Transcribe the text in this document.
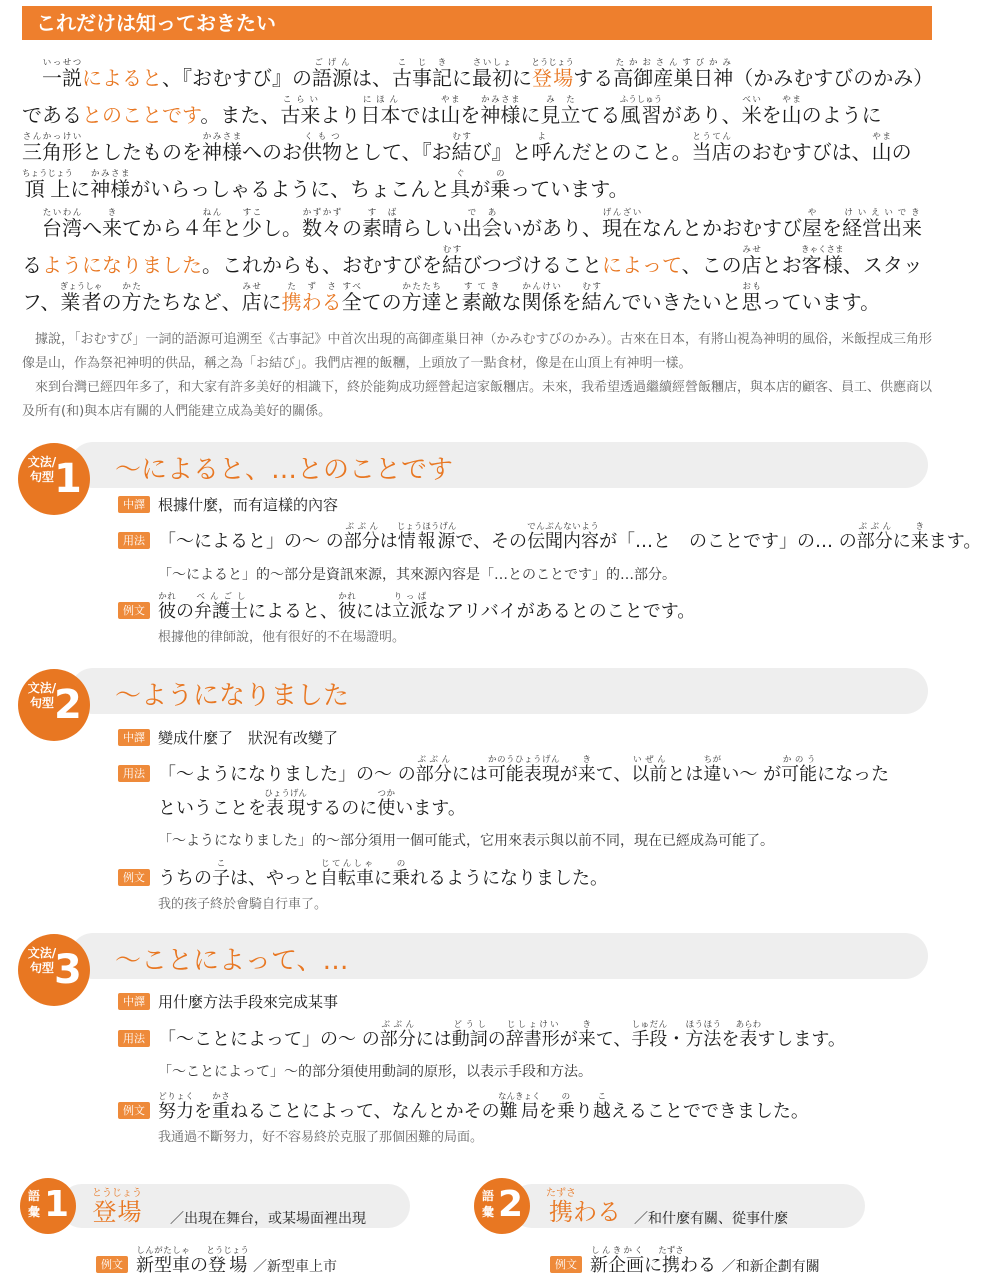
これだけは知っておきたい

一説いっせつによると、『おむすび』の語源ごげんは、古事記こじきに最初さいしょに登場とうじょうする高御産巣日神たかおさんすびかみ（かみむすびのかみ）であるとのことです。また、古来こらいより日本にほんでは山やまを神様かみさまに見立みたてる風習ふうしゅうがあり、米べいを山やまのように三角形さんかっけいとしたものを神様かみさまへのお供物くもつとして、『お結むすび』と呼よんだとのこと。当店とうてんのおむすびは、山やまの頂上ちょうじょうに神様かみさまがいらっしゃるように、ちょこんと具ぐが乗のっています。

台湾たいわんへ来きてから４年ねんと少すこし。数々かずかずの素晴すばらしい出会であいがあり、現在げんざいなんとかおむすび屋やを経営出来けいえいできるようになりました。これからも、おむすびを結むすびつづけることによって、この店みせとお客様きゃくさま、スタッフ、業者ぎょうしゃの方かたたちなど、店みせに携わるたずさ全すべての方達かたたちと素敵すてきな関係かんけいを結むすんでいきたいと思おもっています。

據說，「おむすび」一詞的語源可追溯至《古事記》中首次出現的高御產巢日神（かみむすびのかみ）。古來在日本，有將山視為神明的風俗，米飯捏成三角形像是山，作為祭祀神明的供品，稱之為「お結び」。我們店裡的飯糰，上頭放了一點食材，像是在山頂上有神明一樣。

來到台灣已經四年多了，和大家有許多美好的相識下，終於能夠成功經營起這家飯糰店。未來，我希望透過繼續經營飯糰店，與本店的顧客、員工、供應商以及所有(和)與本店有關的人們能建立成為美好的關係。

文法/句型 1 ～によると、…とのことです
中譯 根據什麼，而有這樣的內容
用法 「～によると」の～ の部分ぶぶんは情報源じょうほうげんで、その伝聞内容でんぶんないようが「…と　のことです」の… の部分ぶぶんに来きます。
「～によると」的～部分是資訊來源，其來源內容是「…とのことです」的…部分。
例文 彼かれの弁護士べんごしによると、彼かれには立派りっぱなアリバイがあるとのことです。
根據他的律師說，他有很好的不在場證明。
文法/句型 2 ～ようになりました
中譯 變成什麼了　狀況有改變了
用法 「～ようになりました」の～ の部分ぶぶんには可能表現かのうひょうげんが来きて、以前いぜんとは違ちがい～ が可能かのうになった
ということを表現ひょうげんするのに使つかいます。
「～ようになりました」的～部分須用一個可能式，它用來表示與以前不同，現在已經成為可能了。
例文 うちの子こは、やっと自転車じてんしゃに乗のれるようになりました。
我的孩子終於會騎自行車了。
文法/句型 3 ～ことによって、…
中譯 用什麼方法手段來完成某事
用法 「～ことによって」の～ の部分ぶぶんには動詞どうしの辞書形じしょけいが来きて、手段しゅだん・方法ほうほうを表あらわすします。
「～ことによって」～的部分須使用動詞的原形，以表示手段和方法。
例文 努力どりょくを重かさねることによって、なんとかその難局なんきょくを乗のり越こえることでできました。
我通過不斷努力，好不容易終於克服了那個困難的局面。
語彙 1 登場とうじょう
／出現在舞台，或某場面裡出現
例文 新型車しんがたしゃの登場とうじょう ／新型車上市
語彙 2 携たずさわる ／和什麼有關、從事什麼
例文 新企画しんきかくに携たずさわる ／和新企劃有關
